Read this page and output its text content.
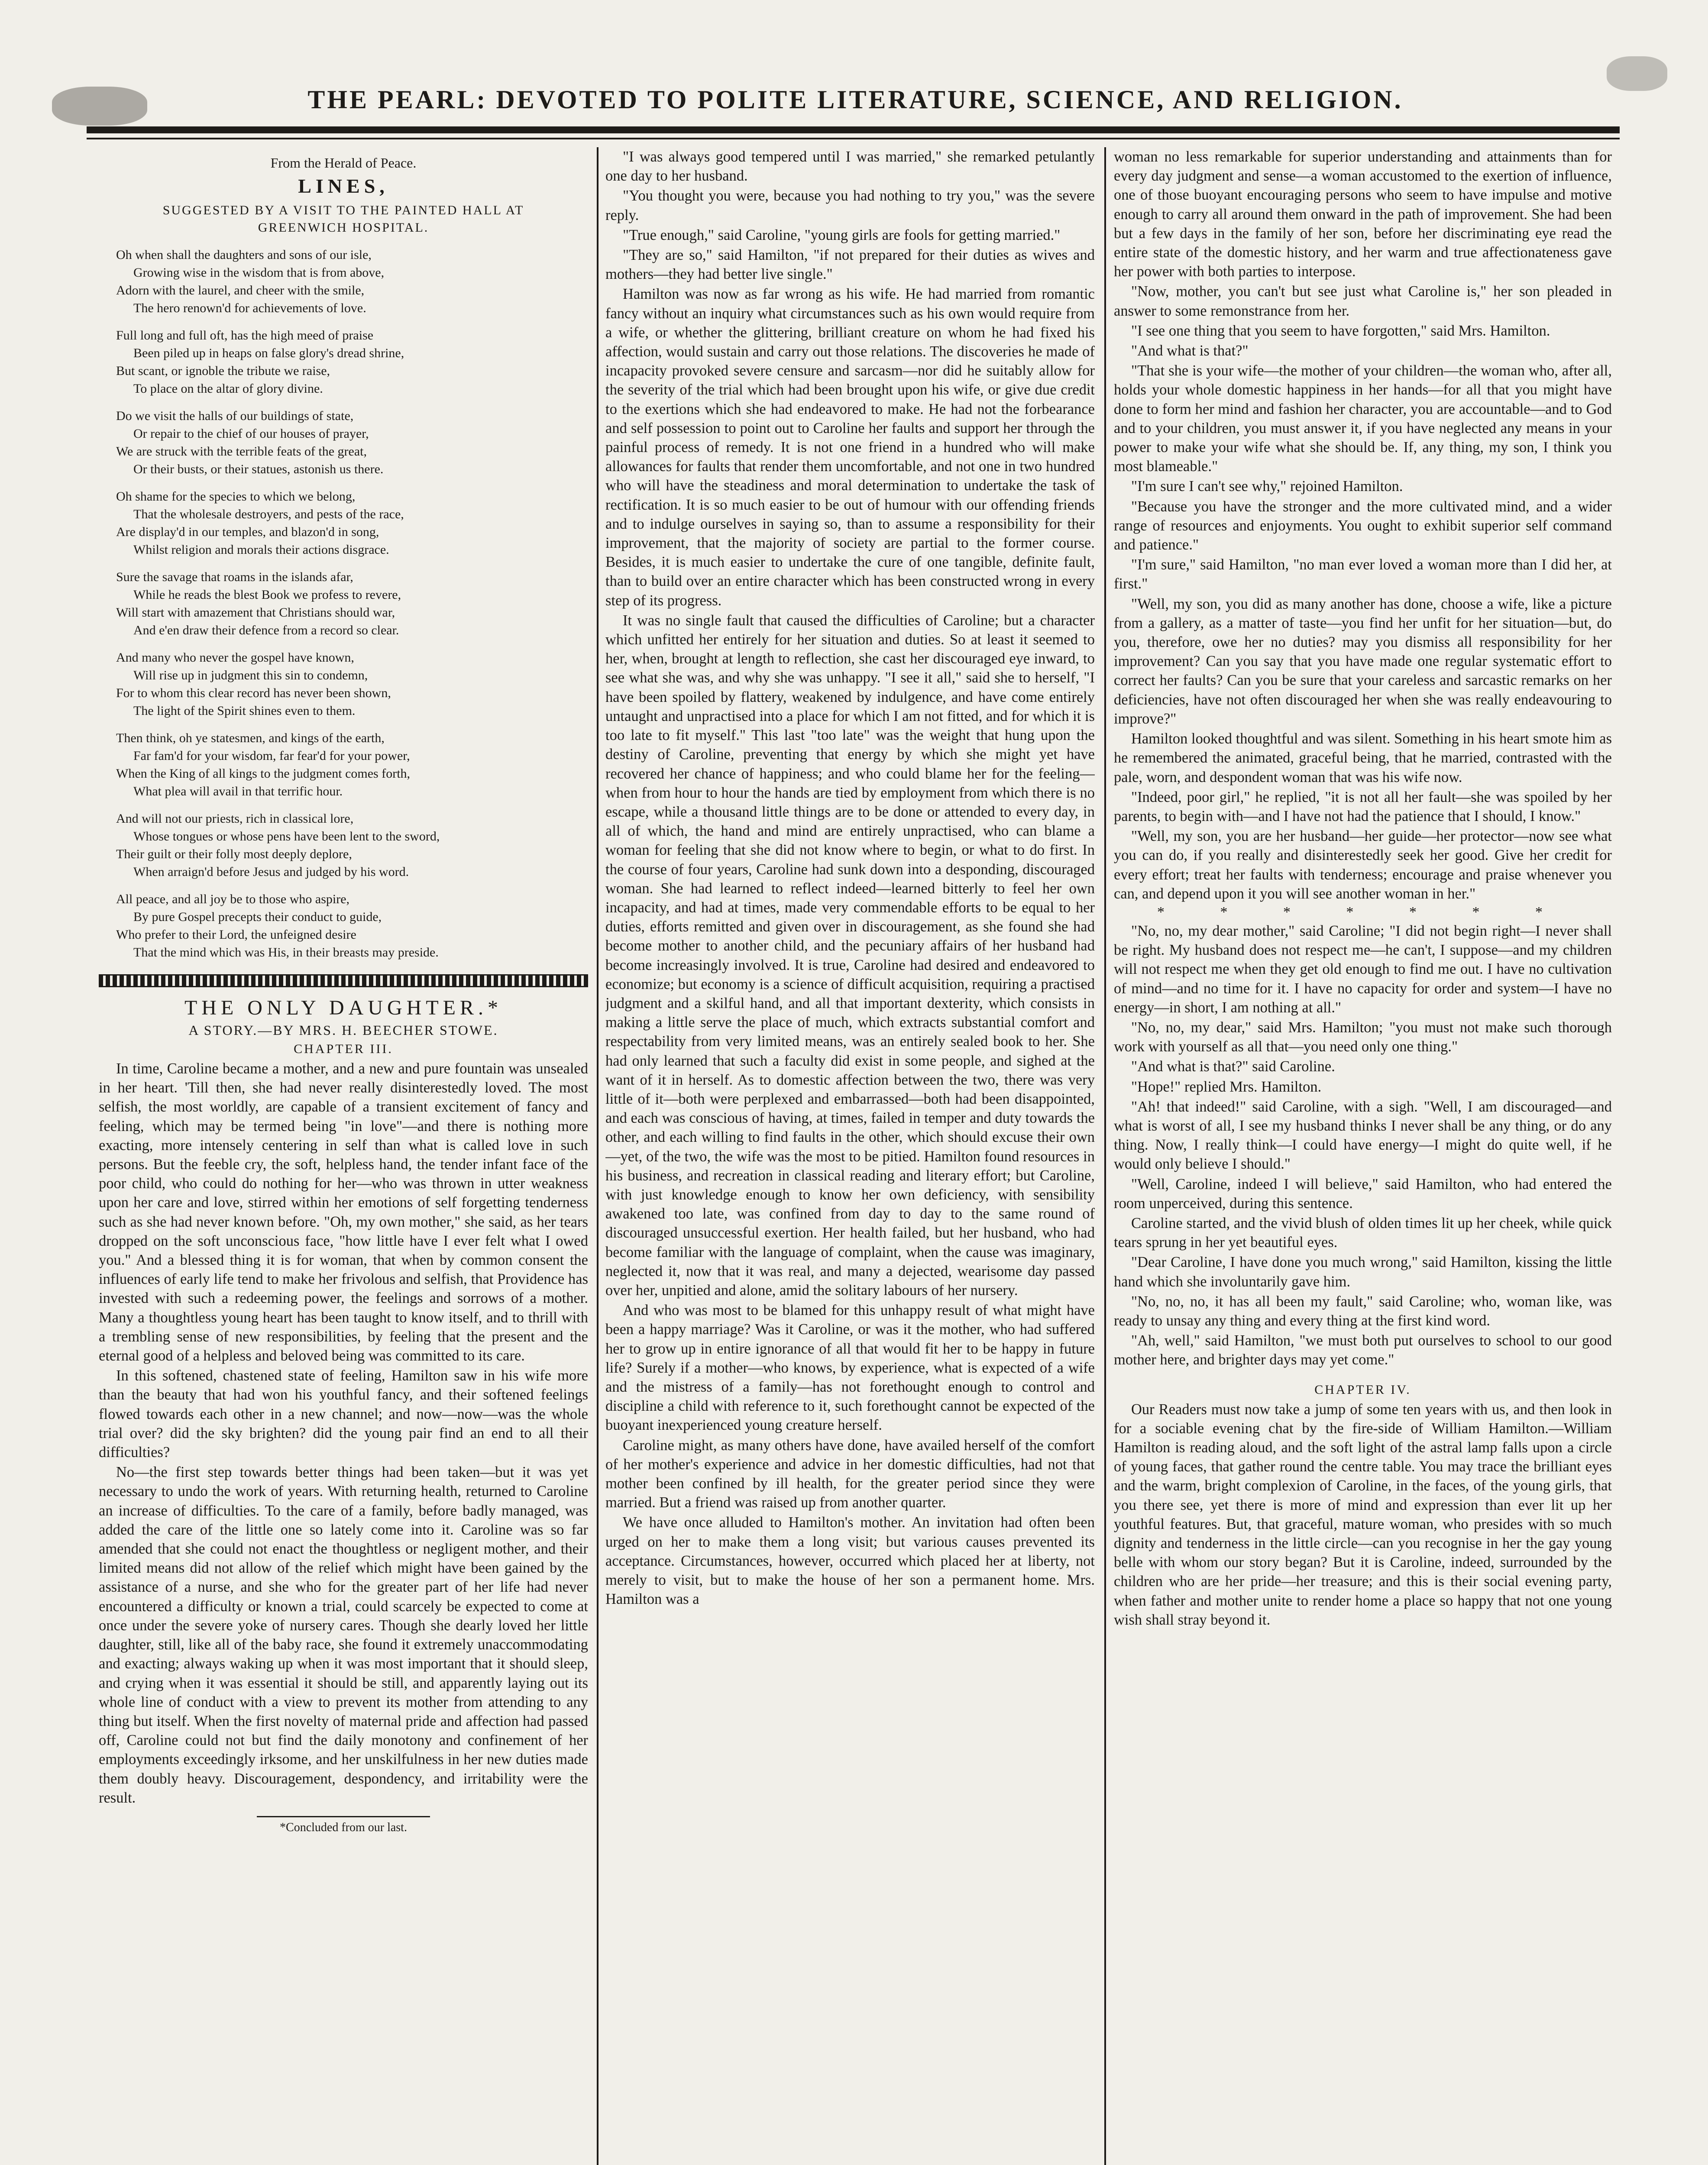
THE PEARL: DEVOTED TO POLITE LITERATURE, SCIENCE, AND RELIGION.
From the Herald of Peace.
LINES,
SUGGESTED BY A VISIT TO THE PAINTED HALL AT GREENWICH HOSPITAL.
Oh when shall the daughters and sons of our isle,
Growing wise in the wisdom that is from above,
Adorn with the laurel, and cheer with the smile,
The hero renown'd for achievements of love.
Full long and full oft, has the high meed of praise
Been piled up in heaps on false glory's dread shrine,
But scant, or ignoble the tribute we raise,
To place on the altar of glory divine.
Do we visit the halls of our buildings of state,
Or repair to the chief of our houses of prayer,
We are struck with the terrible feats of the great,
Or their busts, or their statues, astonish us there.
Oh shame for the species to which we belong,
That the wholesale destroyers, and pests of the race,
Are display'd in our temples, and blazon'd in song,
Whilst religion and morals their actions disgrace.
Sure the savage that roams in the islands afar,
While he reads the blest Book we profess to revere,
Will start with amazement that Christians should war,
And e'en draw their defence from a record so clear.
And many who never the gospel have known,
Will rise up in judgment this sin to condemn,
For to whom this clear record has never been shown,
The light of the Spirit shines even to them.
Then think, oh ye statesmen, and kings of the earth,
Far fam'd for your wisdom, far fear'd for your power,
When the King of all kings to the judgment comes forth,
What plea will avail in that terrific hour.
And will not our priests, rich in classical lore,
Whose tongues or whose pens have been lent to the sword,
Their guilt or their folly most deeply deplore,
When arraign'd before Jesus and judged by his word.
All peace, and all joy be to those who aspire,
By pure Gospel precepts their conduct to guide,
Who prefer to their Lord, the unfeigned desire
That the mind which was His, in their breasts may preside.
THE ONLY DAUGHTER.*
A STORY.—BY MRS. H. BEECHER STOWE.
CHAPTER III.

In time, Caroline became a mother, and a new and pure fountain was unsealed in her heart. 'Till then, she had never really disinterestedly loved. The most selfish, the most worldly, are capable of a transient excitement of fancy and feeling, which may be termed being "in love"—and there is nothing more exacting, more intensely centering in self than what is called love in such persons. But the feeble cry, the soft, helpless hand, the tender infant face of the poor child, who could do nothing for her—who was thrown in utter weakness upon her care and love, stirred within her emotions of self forgetting tenderness such as she had never known before. "Oh, my own mother," she said, as her tears dropped on the soft unconscious face, "how little have I ever felt what I owed you." And a blessed thing it is for woman, that when by common consent the influences of early life tend to make her frivolous and selfish, that Providence has invested with such a redeeming power, the feelings and sorrows of a mother. Many a thoughtless young heart has been taught to know itself, and to thrill with a trembling sense of new responsibilities, by feeling that the present and the eternal good of a helpless and beloved being was committed to its care.

In this softened, chastened state of feeling, Hamilton saw in his wife more than the beauty that had won his youthful fancy, and their softened feelings flowed towards each other in a new channel; and now—now—was the whole trial over? did the sky brighten? did the young pair find an end to all their difficulties?

No—the first step towards better things had been taken—but it was yet necessary to undo the work of years. With returning health, returned to Caroline an increase of difficulties. To the care of a family, before badly managed, was added the care of the little one so lately come into it. Caroline was so far amended that she could not enact the thoughtless or negligent mother, and their limited means did not allow of the relief which might have been gained by the assistance of a nurse, and she who for the greater part of her life had never encountered a difficulty or known a trial, could scarcely be expected to come at once under the severe yoke of nursery cares. Though she dearly loved her little daughter, still, like all of the baby race, she found it extremely unaccommodating and exacting; always waking up when it was most important that it should sleep, and crying when it was essential it should be still, and apparently laying out its whole line of conduct with a view to prevent its mother from attending to any thing but itself. When the first novelty of maternal pride and affection had passed off, Caroline could not but find the daily monotony and confinement of her employments exceedingly irksome, and her unskilfulness in her new duties made them doubly heavy. Discouragement, despondency, and irritability were the result.

*Concluded from our last.

"I was always good tempered until I was married," she remarked petulantly one day to her husband.

"You thought you were, because you had nothing to try you," was the severe reply.

"True enough," said Caroline, "young girls are fools for getting married."

"They are so," said Hamilton, "if not prepared for their duties as wives and mothers—they had better live single."

Hamilton was now as far wrong as his wife. He had married from romantic fancy without an inquiry what circumstances such as his own would require from a wife, or whether the glittering, brilliant creature on whom he had fixed his affection, would sustain and carry out those relations. The discoveries he made of incapacity provoked severe censure and sarcasm—nor did he suitably allow for the severity of the trial which had been brought upon his wife, or give due credit to the exertions which she had endeavored to make. He had not the forbearance and self possession to point out to Caroline her faults and support her through the painful process of remedy. It is not one friend in a hundred who will make allowances for faults that render them uncomfortable, and not one in two hundred who will have the steadiness and moral determination to undertake the task of rectification. It is so much easier to be out of humour with our offending friends and to indulge ourselves in saying so, than to assume a responsibility for their improvement, that the majority of society are partial to the former course. Besides, it is much easier to undertake the cure of one tangible, definite fault, than to build over an entire character which has been constructed wrong in every step of its progress.

It was no single fault that caused the difficulties of Caroline; but a character which unfitted her entirely for her situation and duties. So at least it seemed to her, when, brought at length to reflection, she cast her discouraged eye inward, to see what she was, and why she was unhappy. "I see it all," said she to herself, "I have been spoiled by flattery, weakened by indulgence, and have come entirely untaught and unpractised into a place for which I am not fitted, and for which it is too late to fit myself." This last "too late" was the weight that hung upon the destiny of Caroline, preventing that energy by which she might yet have recovered her chance of happiness; and who could blame her for the feeling—when from hour to hour the hands are tied by employment from which there is no escape, while a thousand little things are to be done or attended to every day, in all of which, the hand and mind are entirely unpractised, who can blame a woman for feeling that she did not know where to begin, or what to do first. In the course of four years, Caroline had sunk down into a desponding, discouraged woman. She had learned to reflect indeed—learned bitterly to feel her own incapacity, and had at times, made very commendable efforts to be equal to her duties, efforts remitted and given over in discouragement, as she found she had become mother to another child, and the pecuniary affairs of her husband had become increasingly involved. It is true, Caroline had desired and endeavored to economize; but economy is a science of difficult acquisition, requiring a practised judgment and a skilful hand, and all that important dexterity, which consists in making a little serve the place of much, which extracts substantial comfort and respectability from very limited means, was an entirely sealed book to her. She had only learned that such a faculty did exist in some people, and sighed at the want of it in herself. As to domestic affection between the two, there was very little of it—both were perplexed and embarrassed—both had been disappointed, and each was conscious of having, at times, failed in temper and duty towards the other, and each willing to find faults in the other, which should excuse their own—yet, of the two, the wife was the most to be pitied. Hamilton found resources in his business, and recreation in classical reading and literary effort; but Caroline, with just knowledge enough to know her own deficiency, with sensibility awakened too late, was confined from day to day to the same round of discouraged unsuccessful exertion. Her health failed, but her husband, who had become familiar with the language of complaint, when the cause was imaginary, neglected it, now that it was real, and many a dejected, wearisome day passed over her, unpitied and alone, amid the solitary labours of her nursery.

And who was most to be blamed for this unhappy result of what might have been a happy marriage? Was it Caroline, or was it the mother, who had suffered her to grow up in entire ignorance of all that would fit her to be happy in future life? Surely if a mother—who knows, by experience, what is expected of a wife and the mistress of a family—has not forethought enough to control and discipline a child with reference to it, such forethought cannot be expected of the buoyant inexperienced young creature herself.

Caroline might, as many others have done, have availed herself of the comfort of her mother's experience and advice in her domestic difficulties, had not that mother been confined by ill health, for the greater period since they were married. But a friend was raised up from another quarter.

We have once alluded to Hamilton's mother. An invitation had often been urged on her to make them a long visit; but various causes prevented its acceptance. Circumstances, however, occurred which placed her at liberty, not merely to visit, but to make the house of her son a permanent home. Mrs. Hamilton was a

woman no less remarkable for superior understanding and attainments than for every day judgment and sense—a woman accustomed to the exertion of influence, one of those buoyant encouraging persons who seem to have impulse and motive enough to carry all around them onward in the path of improvement. She had been but a few days in the family of her son, before her discriminating eye read the entire state of the domestic history, and her warm and true affectionateness gave her power with both parties to interpose.

"Now, mother, you can't but see just what Caroline is," her son pleaded in answer to some remonstrance from her.

"I see one thing that you seem to have forgotten," said Mrs. Hamilton.

"And what is that?"

"That she is your wife—the mother of your children—the woman who, after all, holds your whole domestic happiness in her hands—for all that you might have done to form her mind and fashion her character, you are accountable—and to God and to your children, you must answer it, if you have neglected any means in your power to make your wife what she should be. If, any thing, my son, I think you most blameable."

"I'm sure I can't see why," rejoined Hamilton.

"Because you have the stronger and the more cultivated mind, and a wider range of resources and enjoyments. You ought to exhibit superior self command and patience."

"I'm sure," said Hamilton, "no man ever loved a woman more than I did her, at first."

"Well, my son, you did as many another has done, choose a wife, like a picture from a gallery, as a matter of taste—you find her unfit for her situation—but, do you, therefore, owe her no duties? may you dismiss all responsibility for her improvement? Can you say that you have made one regular systematic effort to correct her faults? Can you be sure that your careless and sarcastic remarks on her deficiencies, have not often discouraged her when she was really endeavouring to improve?"

Hamilton looked thoughtful and was silent. Something in his heart smote him as he remembered the animated, graceful being, that he married, contrasted with the pale, worn, and despondent woman that was his wife now.

"Indeed, poor girl," he replied, "it is not all her fault—she was spoiled by her parents, to begin with—and I have not had the patience that I should, I know."

"Well, my son, you are her husband—her guide—her protector—now see what you can do, if you really and disinterestedly seek her good. Give her credit for every effort; treat her faults with tenderness; encourage and praise whenever you can, and depend upon it you will see another woman in her."

* * * * * * *

"No, no, my dear mother," said Caroline; "I did not begin right—I never shall be right. My husband does not respect me—he can't, I suppose—and my children will not respect me when they get old enough to find me out. I have no cultivation of mind—and no time for it. I have no capacity for order and system—I have no energy—in short, I am nothing at all."

"No, no, my dear," said Mrs. Hamilton; "you must not make such thorough work with yourself as all that—you need only one thing."

"And what is that?" said Caroline.

"Hope!" replied Mrs. Hamilton.

"Ah! that indeed!" said Caroline, with a sigh. "Well, I am discouraged—and what is worst of all, I see my husband thinks I never shall be any thing, or do any thing. Now, I really think—I could have energy—I might do quite well, if he would only believe I should."

"Well, Caroline, indeed I will believe," said Hamilton, who had entered the room unperceived, during this sentence.

Caroline started, and the vivid blush of olden times lit up her cheek, while quick tears sprung in her yet beautiful eyes.

"Dear Caroline, I have done you much wrong," said Hamilton, kissing the little hand which she involuntarily gave him.

"No, no, no, it has all been my fault," said Caroline; who, woman like, was ready to unsay any thing and every thing at the first kind word.

"Ah, well," said Hamilton, "we must both put ourselves to school to our good mother here, and brighter days may yet come."

CHAPTER IV.

Our Readers must now take a jump of some ten years with us, and then look in for a sociable evening chat by the fire-side of William Hamilton.—William Hamilton is reading aloud, and the soft light of the astral lamp falls upon a circle of young faces, that gather round the centre table. You may trace the brilliant eyes and the warm, bright complexion of Caroline, in the faces, of the young girls, that you there see, yet there is more of mind and expression than ever lit up her youthful features. But, that graceful, mature woman, who presides with so much dignity and tenderness in the little circle—can you recognise in her the gay young belle with whom our story began? But it is Caroline, indeed, surrounded by the children who are her pride—her treasure; and this is their social evening party, when father and mother unite to render home a place so happy that not one young wish shall stray beyond it.
